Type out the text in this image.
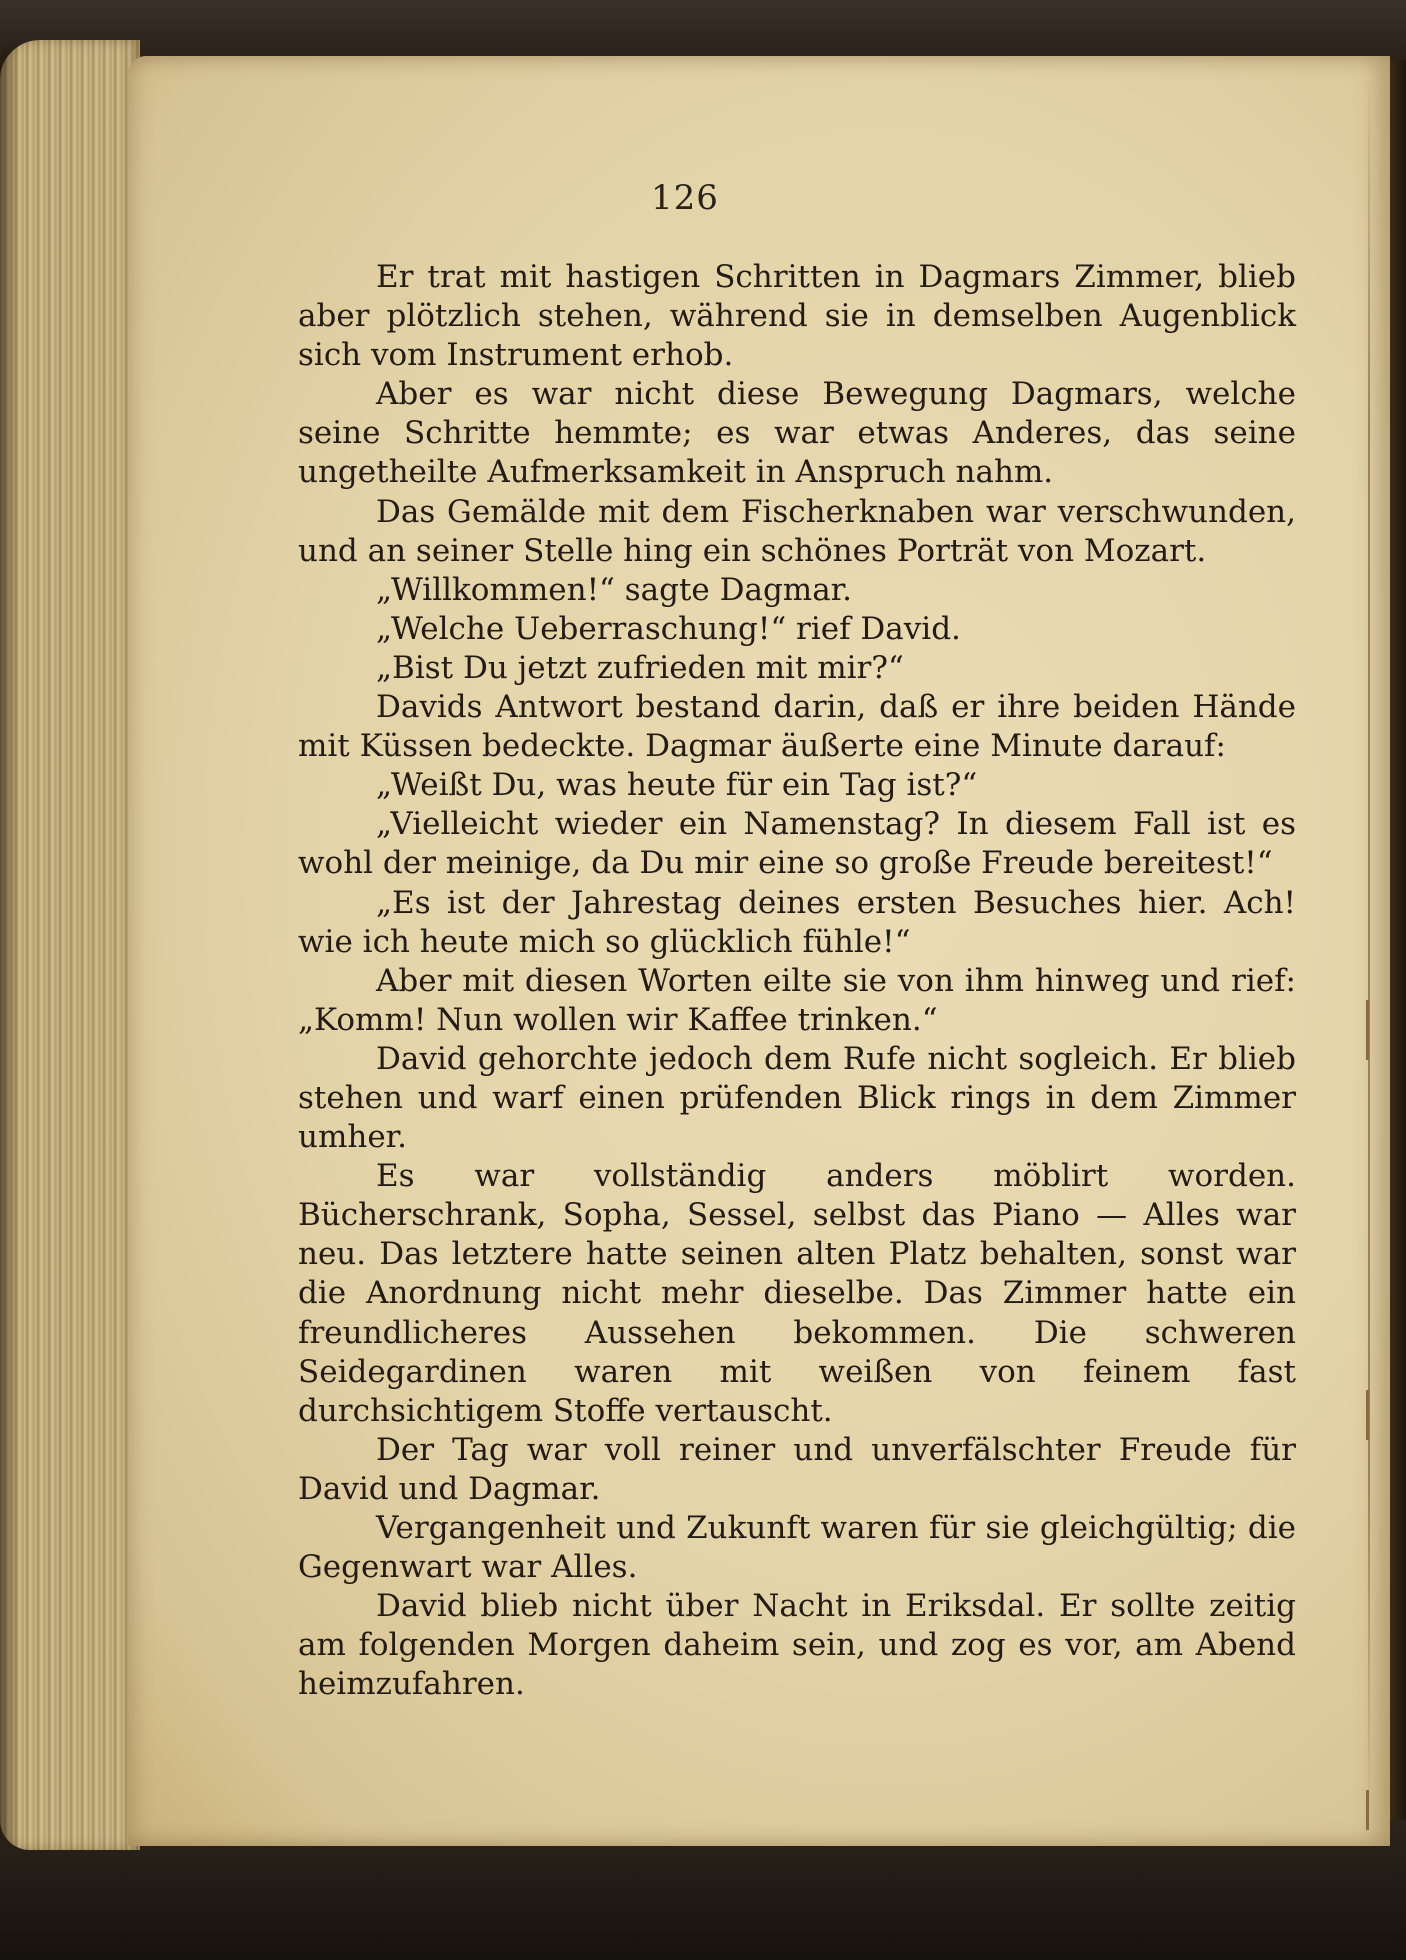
126

Er trat mit hastigen Schritten in Dagmars Zimmer, blieb aber plötzlich stehen, während sie in demselben Augenblick sich vom Instrument erhob.

Aber es war nicht diese Bewegung Dagmars, welche seine Schritte hemmte; es war etwas Anderes, das seine ungetheilte Aufmerksamkeit in Anspruch nahm.

Das Gemälde mit dem Fischerknaben war verschwunden, und an seiner Stelle hing ein schönes Porträt von Mozart.

„Willkommen!“ sagte Dagmar.

„Welche Ueberraschung!“ rief David.

„Bist Du jetzt zufrieden mit mir?“

Davids Antwort bestand darin, daß er ihre beiden Hände mit Küssen bedeckte. Dagmar äußerte eine Minute darauf:

„Weißt Du, was heute für ein Tag ist?“

„Vielleicht wieder ein Namenstag? In diesem Fall ist es wohl der meinige, da Du mir eine so große Freude bereitest!“

„Es ist der Jahrestag deines ersten Besuches hier. Ach! wie ich heute mich so glücklich fühle!“

Aber mit diesen Worten eilte sie von ihm hinweg und rief: „Komm! Nun wollen wir Kaffee trinken.“

David gehorchte jedoch dem Rufe nicht sogleich. Er blieb stehen und warf einen prüfenden Blick rings in dem Zimmer umher.

Es war vollständig anders möblirt worden. Bücherschrank, Sopha, Sessel, selbst das Piano — Alles war neu. Das letztere hatte seinen alten Platz behalten, sonst war die Anordnung nicht mehr dieselbe. Das Zimmer hatte ein freundlicheres Aussehen bekommen. Die schweren Seidegardinen waren mit weißen von feinem fast durchsichtigem Stoffe vertauscht.

Der Tag war voll reiner und unverfälschter Freude für David und Dagmar.

Vergangenheit und Zukunft waren für sie gleichgültig; die Gegenwart war Alles.

David blieb nicht über Nacht in Eriksdal. Er sollte zeitig am folgenden Morgen daheim sein, und zog es vor, am Abend heimzufahren.
